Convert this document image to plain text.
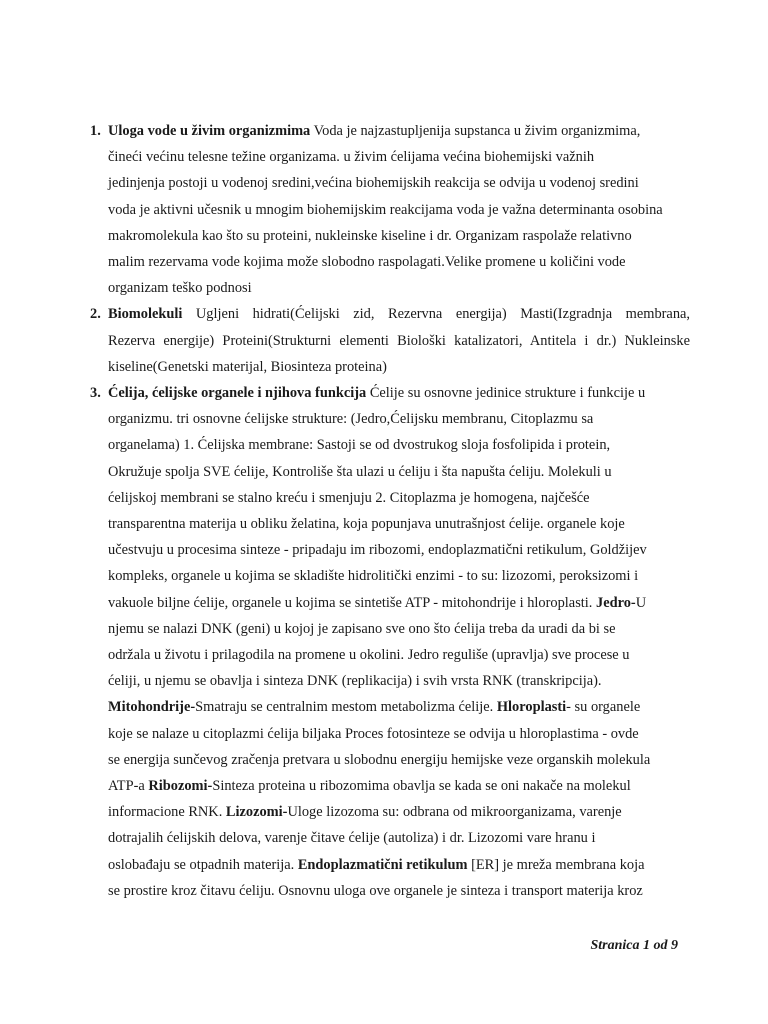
1. Uloga vode u živim organizmima Voda je najzastupljenija supstanca u živim organizmima,
čineći većinu telesne težine organizama. u živim ćelijama većina biohemijski važnih
jedinjenja postoji u vodenoj sredini,većina biohemijskih reakcija se odvija u vodenoj sredini
voda je aktivni učesnik u mnogim biohemijskim reakcijama voda je važna determinanta osobina
makromolekula kao što su proteini, nukleinske kiseline i dr. Organizam raspolaže relativno
malim rezervama vode kojima može slobodno raspolagati.Velike promene u količini vode
organizam teško podnosi
2. Biomolekuli Ugljeni hidrati(Ćelijski zid, Rezervna energija) Masti(Izgradnja membrana,
Rezerva energije) Proteini(Strukturni elementi Biološki katalizatori, Antitela i dr.) Nukleinske
kiseline(Genetski materijal, Biosinteza proteina)
3. Ćelija, ćelijske organele i njihova funkcija Ćelije su osnovne jedinice strukture i funkcije u
organizmu. tri osnovne ćelijske strukture: (Jedro,Ćelijsku membranu, Citoplazmu sa
organelama) 1. Ćelijska membrane: Sastoji se od dvostrukog sloja fosfolipida i protein,
Okružuje spolja SVE ćelije, Kontroliše šta ulazi u ćeliju i šta napušta ćeliju. Molekuli u
ćelijskoj membrani se stalno kreću i smenjuju 2. Citoplazma je homogena, najčešće
transparentna materija u obliku želatina, koja popunjava unutrašnjost ćelije. organele koje
učestvuju u procesima sinteze - pripadaju im ribozomi, endoplazmatični retikulum, Goldžijev
kompleks, organele u kojima se skladište hidrolitički enzimi - to su: lizozomi, peroksizomi i
vakuole biljne ćelije, organele u kojima se sintetiše ATP - mitohondrije i hloroplasti. Jedro-U
njemu se nalazi DNK (geni) u kojoj je zapisano sve ono što ćelija treba da uradi da bi se
održala u životu i prilagodila na promene u okolini. Jedro reguliše (upravlja) sve procese u
ćeliji, u njemu se obavlja i sinteza DNK (replikacija) i svih vrsta RNK (transkripcija).
Mitohondrije-Smatraju se centralnim mestom metabolizma ćelije. Hloroplasti- su organele
koje se nalaze u citoplazmi ćelija biljaka Proces fotosinteze se odvija u hloroplastima - ovde
se energija sunčevog zračenja pretvara u slobodnu energiju hemijske veze organskih molekula
ATP-a Ribozomi-Sinteza proteina u ribozomima obavlja se kada se oni nakače na molekul
informacione RNK. Lizozomi-Uloge lizozoma su: odbrana od mikroorganizama, varenje
dotrajalih ćelijskih delova, varenje čitave ćelije (autoliza) i dr. Lizozomi vare hranu i
oslobađaju se otpadnih materija. Endoplazmatični retikulum [ER] je mreža membrana koja
se prostire kroz čitavu ćeliju. Osnovnu uloga ove organele je sinteza i transport materija kroz
Stranica 1 od 9
